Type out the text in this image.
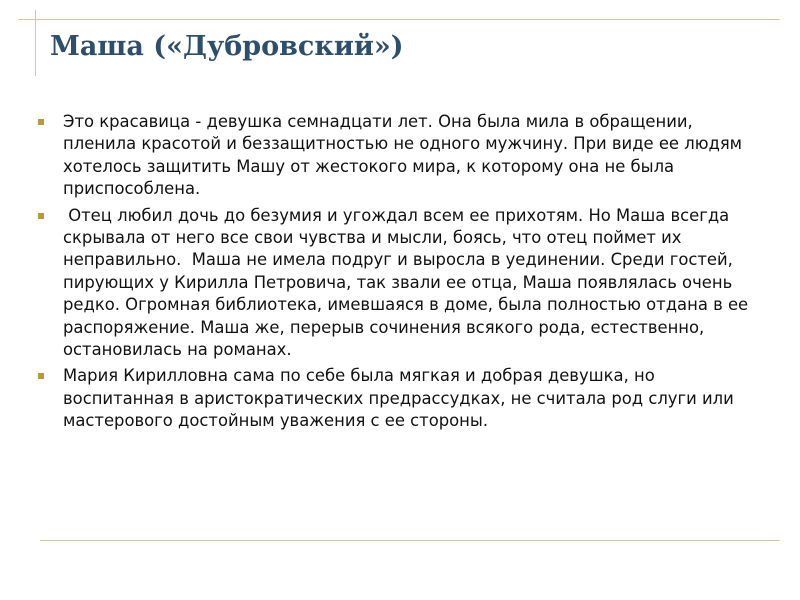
Маша («Дубровский»)
Это красавица - девушка семнадцати лет. Она была мила в обращении, пленила красотой и беззащитностью не одного мужчину. При виде ее людям хотелось защитить Машу от жестокого мира, к которому она не была приспособлена.
Отец любил дочь до безумия и угождал всем ее прихотям. Но Маша всегда скрывала от него все свои чувства и мысли, боясь, что отец поймет их неправильно.  Маша не имела подруг и выросла в уединении. Среди гостей, пирующих у Кирилла Петровича, так звали ее отца, Маша появлялась очень редко. Огромная библиотека, имевшаяся в доме, была полностью отдана в ее распоряжение. Маша же, перерыв сочинения всякого рода, естественно, остановилась на романах.
Мария Кирилловна сама по себе была мягкая и добрая девушка, но воспитанная в аристократических предрассудках, не считала род слуги или мастерового достойным уважения с ее стороны.
